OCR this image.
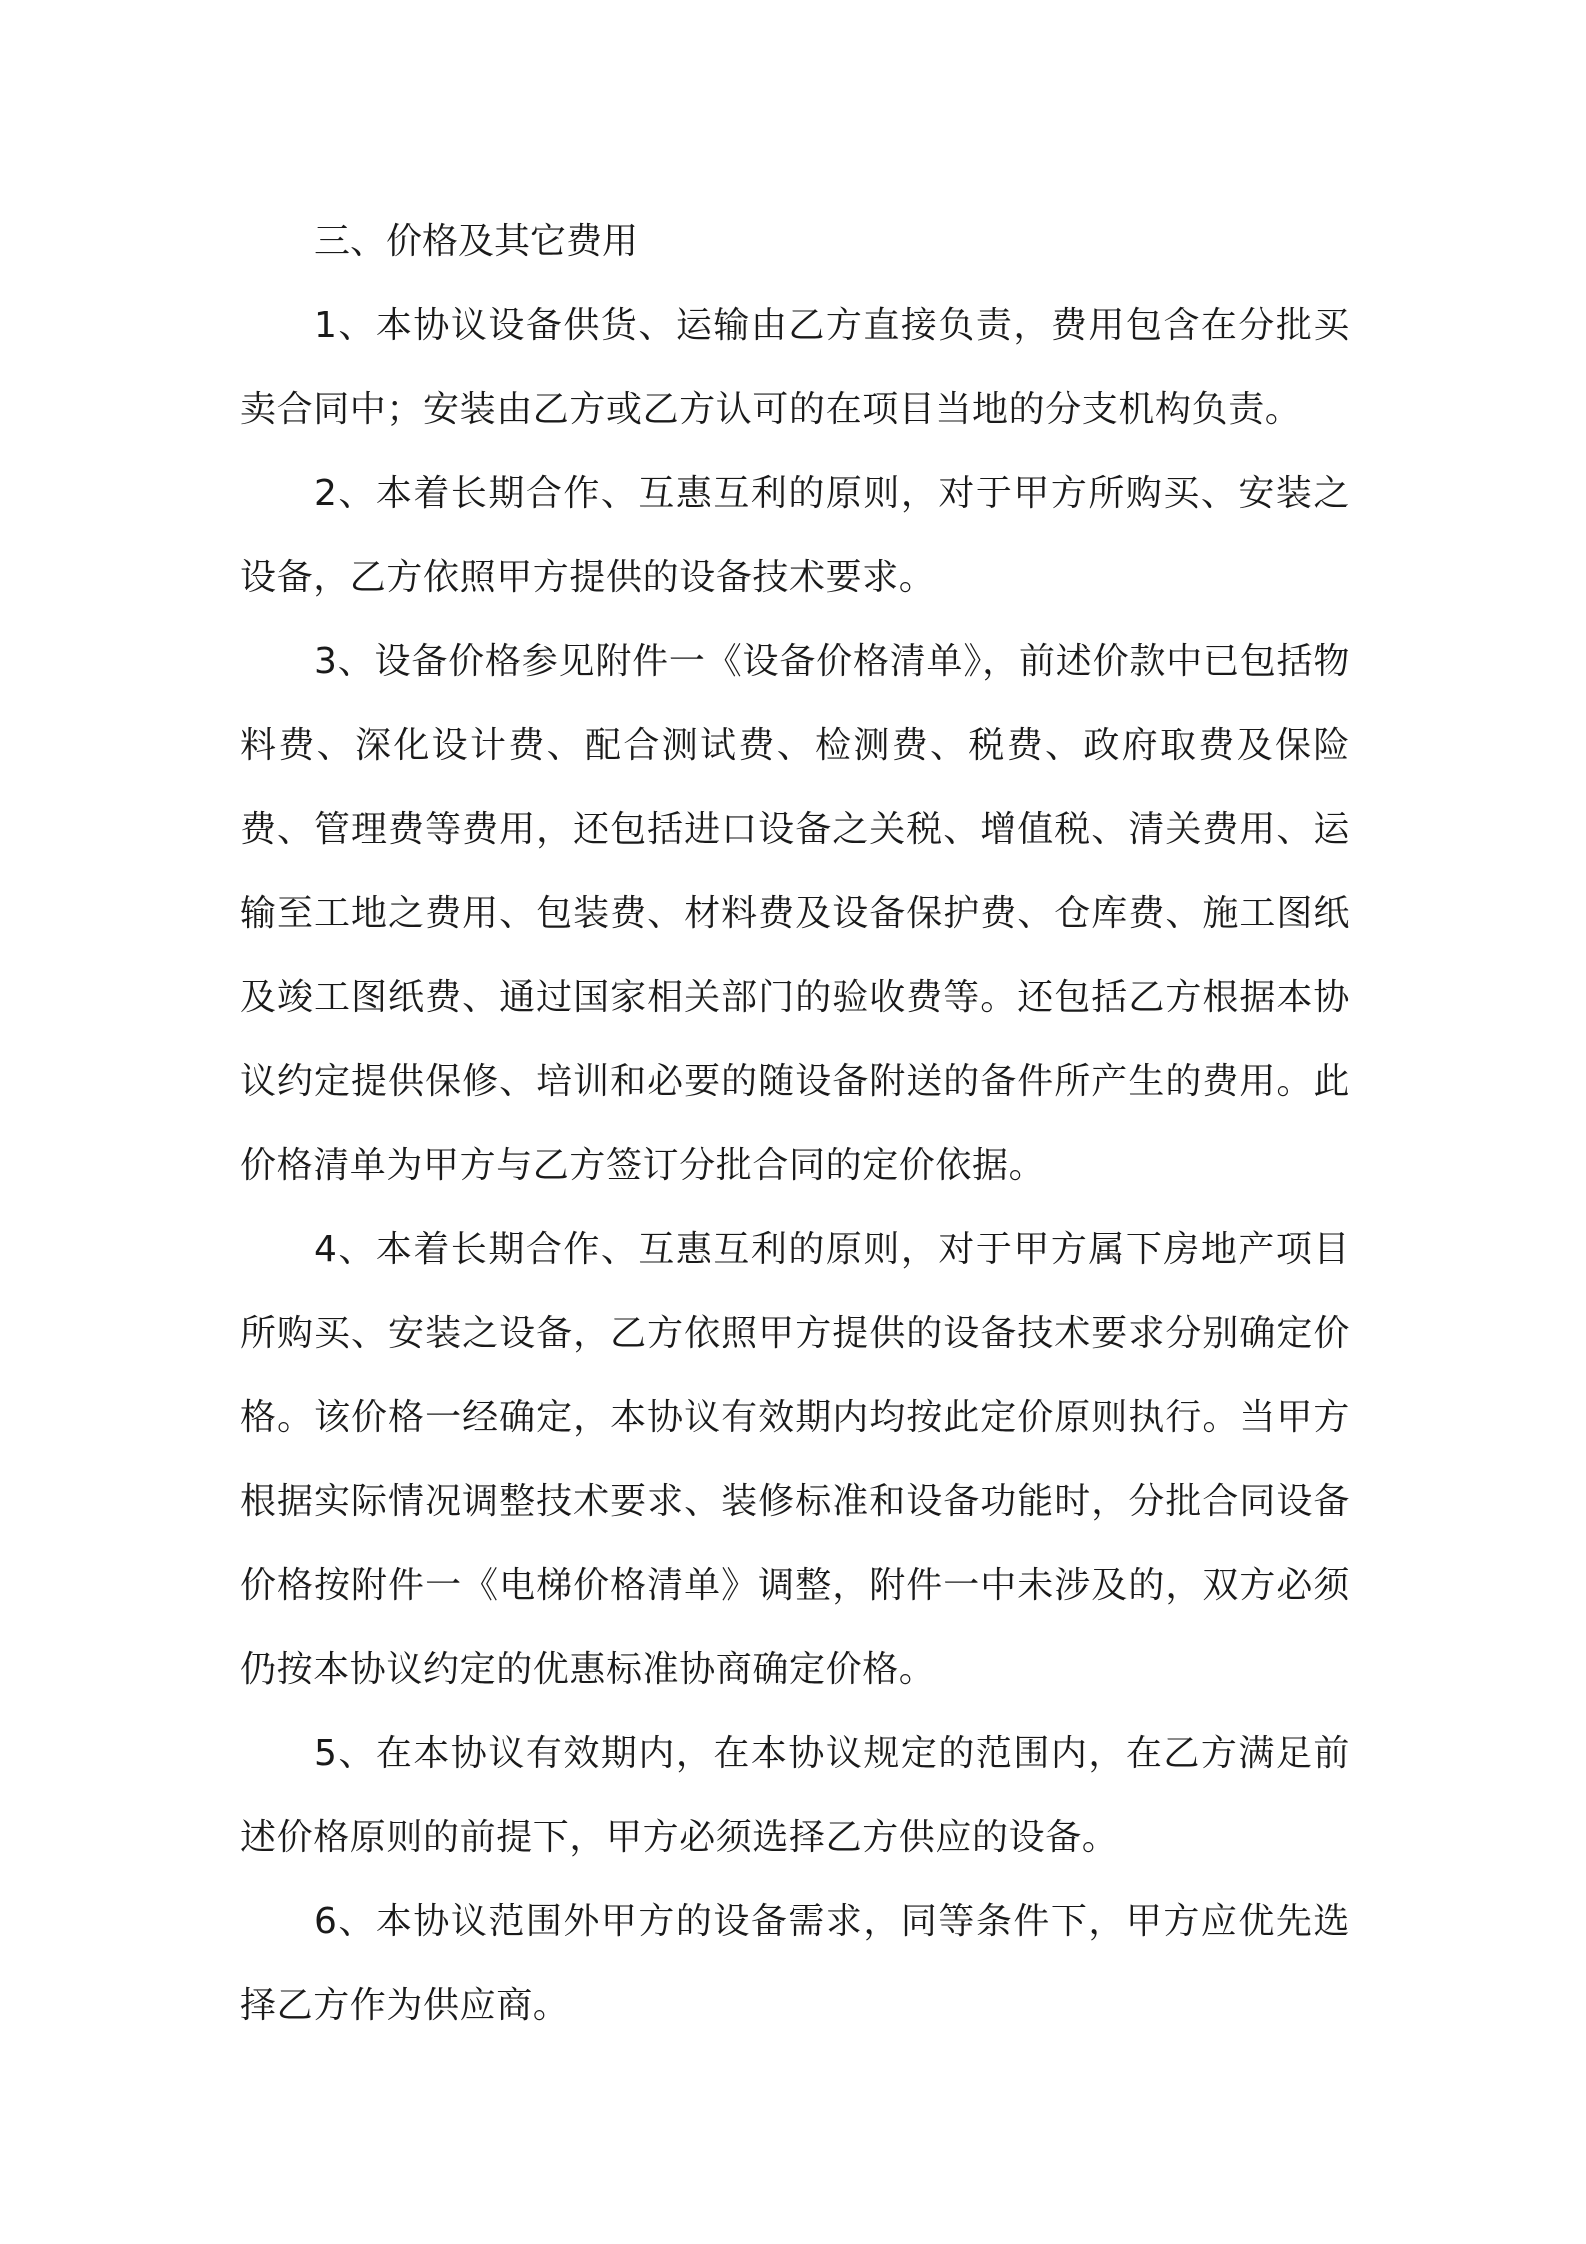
三、价格及其它费用

1、本协议设备供货、运输由乙方直接负责，费用包含在分批买卖合同中；安装由乙方或乙方认可的在项目当地的分支机构负责。

2、本着长期合作、互惠互利的原则，对于甲方所购买、安装之设备，乙方依照甲方提供的设备技术要求。

3、设备价格参见附件一《设备价格清单》，前述价款中已包括物料费、深化设计费、配合测试费、检测费、税费、政府取费及保险费、管理费等费用，还包括进口设备之关税、增值税、清关费用、运输至工地之费用、包装费、材料费及设备保护费、仓库费、施工图纸及竣工图纸费、通过国家相关部门的验收费等。还包括乙方根据本协议约定提供保修、培训和必要的随设备附送的备件所产生的费用。此价格清单为甲方与乙方签订分批合同的定价依据。

4、本着长期合作、互惠互利的原则，对于甲方属下房地产项目所购买、安装之设备，乙方依照甲方提供的设备技术要求分别确定价格。该价格一经确定，本协议有效期内均按此定价原则执行。当甲方根据实际情况调整技术要求、装修标准和设备功能时，分批合同设备价格按附件一《电梯价格清单》调整，附件一中未涉及的，双方必须仍按本协议约定的优惠标准协商确定价格。

5、在本协议有效期内，在本协议规定的范围内，在乙方满足前述价格原则的前提下，甲方必须选择乙方供应的设备。

6、本协议范围外甲方的设备需求，同等条件下，甲方应优先选择乙方作为供应商。
